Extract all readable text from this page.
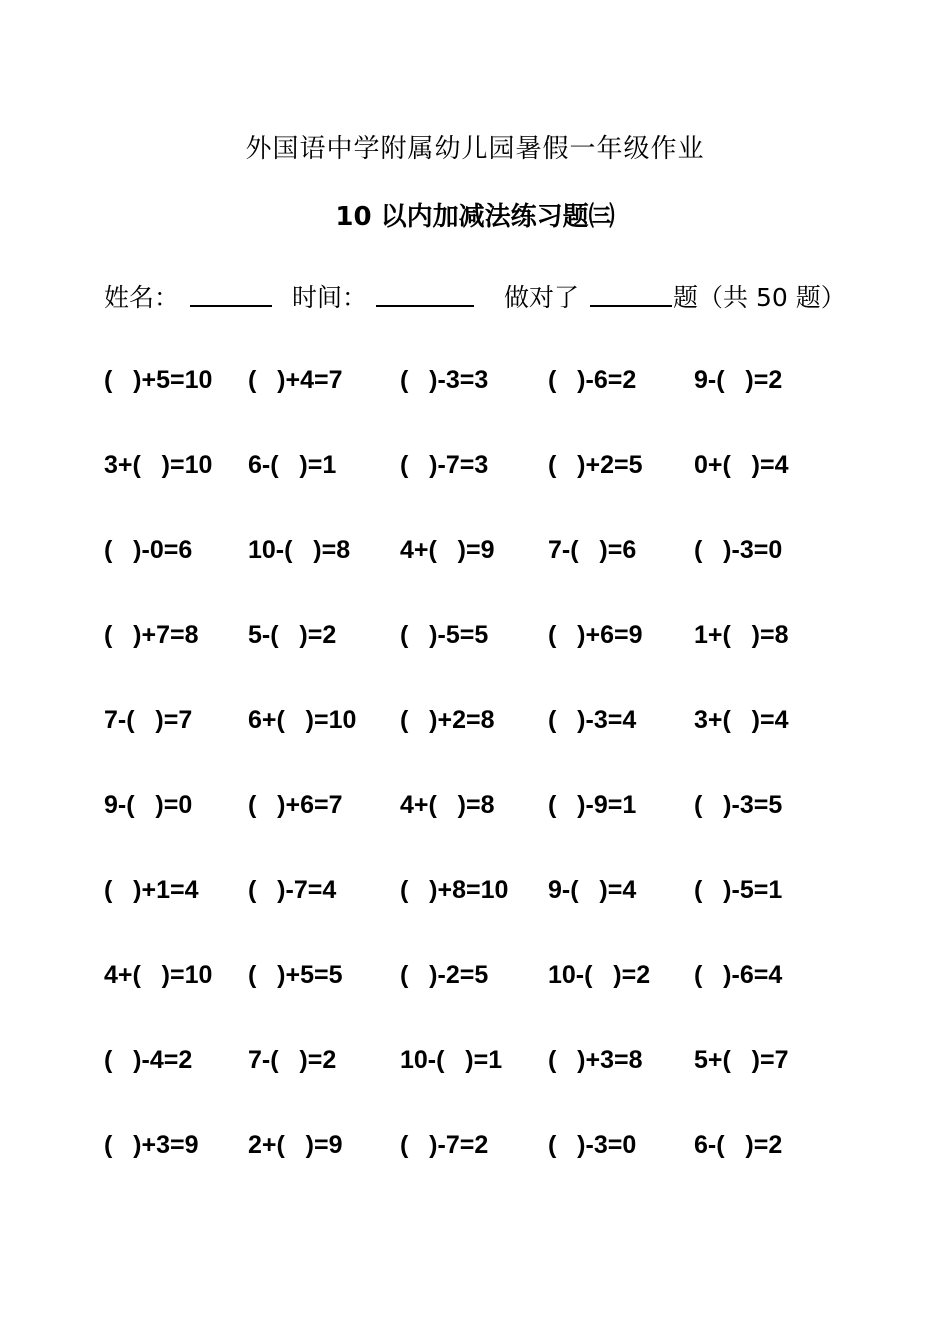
外国语中学附属幼儿园暑假一年级作业
10 以内加减法练习题㈢
姓名：	时间：	做对了	题（共 50 题）
(   )+5=10 (   )+4=7 (   )-3=3 (   )-6=2 9-(   )=2
3+(   )=10 6-(   )=1	(   )-7=3 (   )+2=5 0+(   )=4
(   )-0=6 10-(   )=8 4+(   )=9 7-(   )=6 (   )-3=0
(   )+7=8 5-(   )=2	(   )-5=5 (   )+6=9 1+(   )=8
7-(   )=7 6+(   )=10 (   )+2=8 (   )-3=4 3+(   )=4
9-(   )=0 (   )+6=7 4+(   )=8 (   )-9=1 (   )-3=5
(   )+1=4 (   )-7=4	(   )+8=10 9-(   )=4 (   )-5=1
4+(   )=10 (   )+5=5 (   )-2=5 10-(   )=2 (   )-6=4
(   )-4=2 7-(   )=2	10-(   )=1 (   )+3=8 5+(   )=7
(   )+3=9 2+(   )=9 (   )-7=2 (   )-3=0 6-(   )=2
